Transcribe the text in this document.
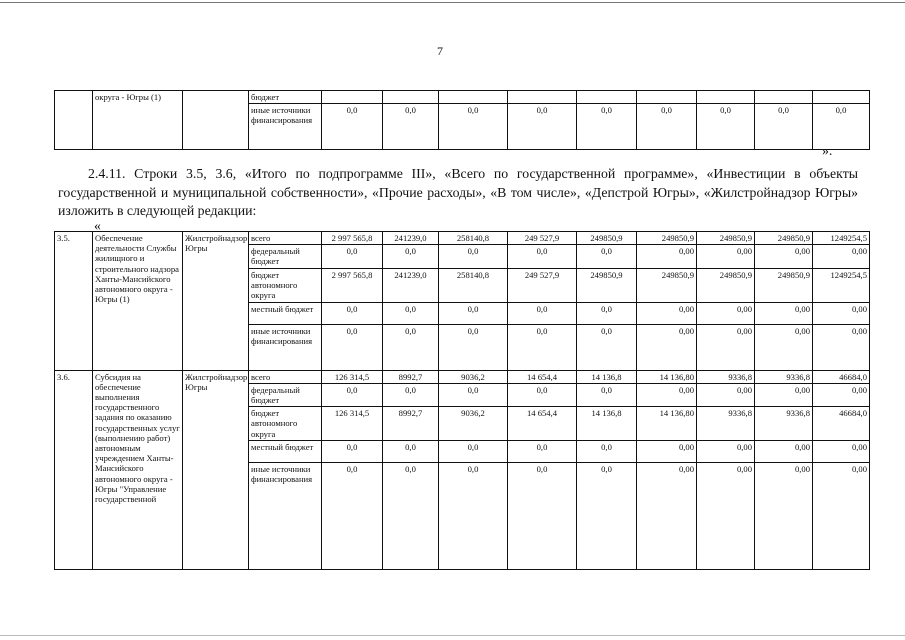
7
	округа - Югры (1)		бюджет									
			иные источники финансирования	0,0	0,0	0,0	0,0	0,0	0,0	0,0	0,0	0,0
».

2.4.11. Строки 3.5, 3.6, «Итого по подпрограмме III», «Всего по государственной программе», «Инвестиции в объекты государственной и муниципальной собственности», «Прочие расходы», «В том числе», «Депстрой Югры», «Жилстройнадзор Югры» изложить в следующей редакции:

«
3.5.	Обеспечение деятельности Службы жилищного и строительного надзора Ханты-Мансийского автономного округа - Югры (1)	Жилстройнадзор Югры	всего	2 997 565,8	241239,0	258140,8	249 527,9	249850,9	249850,9	249850,9	249850,9	1249254,5
			федеральный бюджет	0,0	0,0	0,0	0,0	0,0	0,00	0,00	0,00	0,00
			бюджет автономного округа	2 997 565,8	241239,0	258140,8	249 527,9	249850,9	249850,9	249850,9	249850,9	1249254,5
			местный бюджет	0,0	0,0	0,0	0,0	0,0	0,00	0,00	0,00	0,00
			иные источники финансирования	0,0	0,0	0,0	0,0	0,0	0,00	0,00	0,00	0,00
3.6.	Субсидия на обеспечение выполнения государственного задания по оказанию государственных услуг (выполнению работ) автономным учреждением Ханты-Мансийского автономного округа - Югры "Управление государственной	Жилстройнадзор Югры	всего	126 314,5	8992,7	9036,2	14 654,4	14 136,8	14 136,80	9336,8	9336,8	46684,0
			федеральный бюджет	0,0	0,0	0,0	0,0	0,0	0,00	0,00	0,00	0,00
			бюджет автономного округа	126 314,5	8992,7	9036,2	14 654,4	14 136,8	14 136,80	9336,8	9336,8	46684,0
			местный бюджет	0,0	0,0	0,0	0,0	0,0	0,00	0,00	0,00	0,00
			иные источники финансирования	0,0	0,0	0,0	0,0	0,0	0,00	0,00	0,00	0,00
